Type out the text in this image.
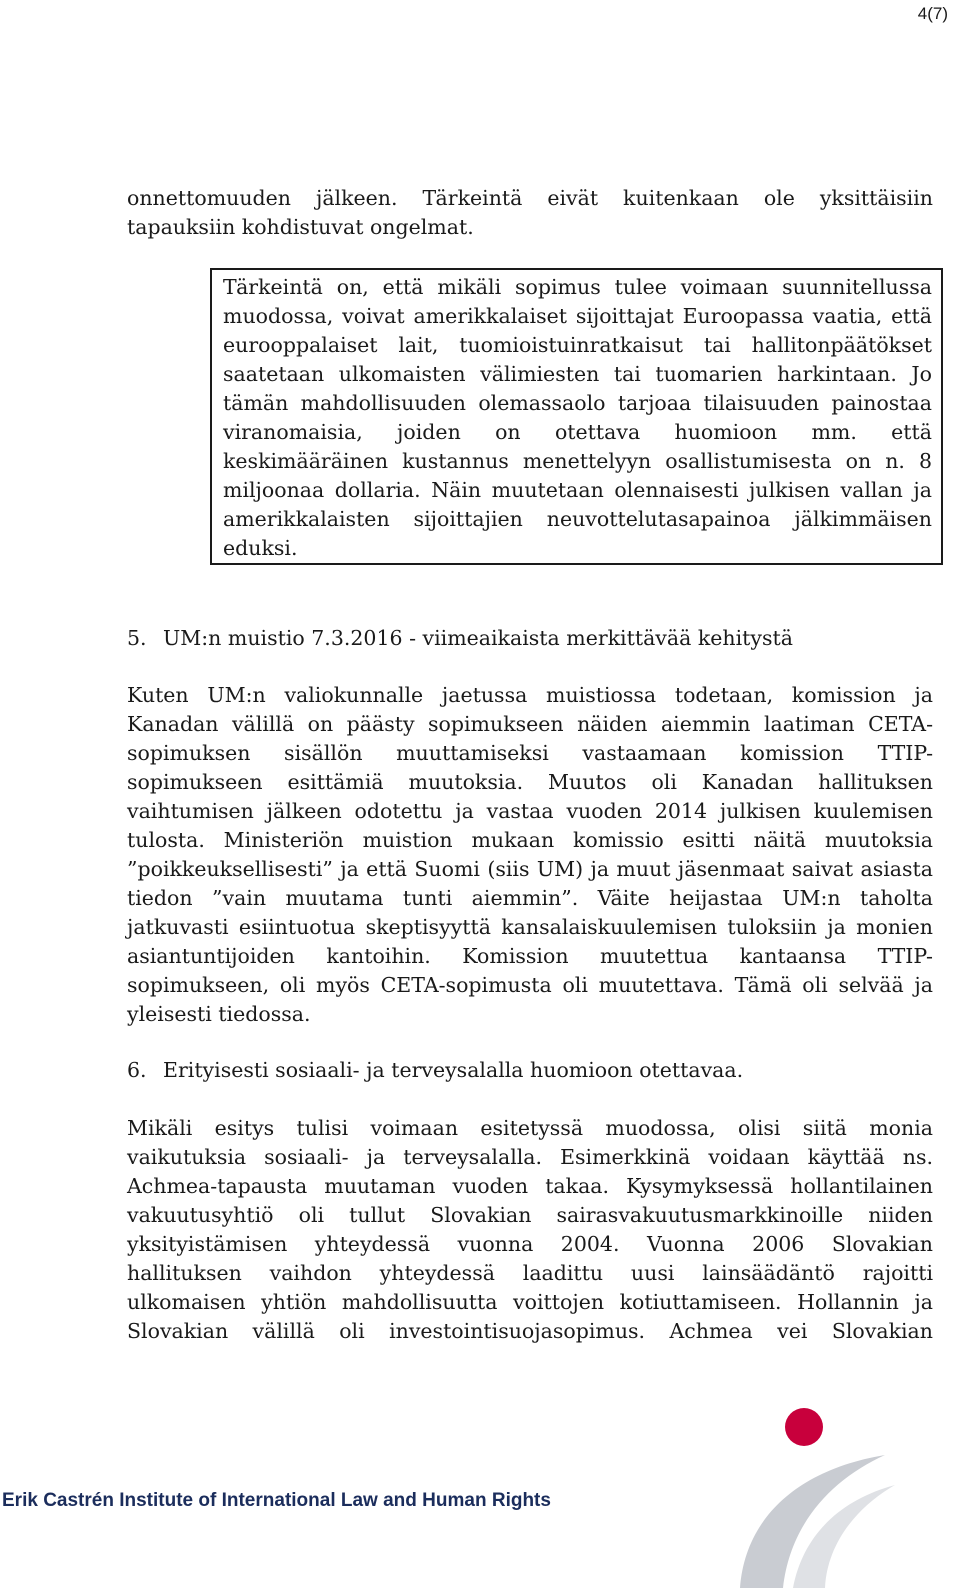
4(7)
onnettomuuden jälkeen. Tärkeintä eivät kuitenkaan ole yksittäisiin
tapauksiin kohdistuvat ongelmat.
Tärkeintä on, että mikäli sopimus tulee voimaan suunnitellussa
muodossa, voivat amerikkalaiset sijoittajat Euroopassa vaatia, että
eurooppalaiset lait, tuomioistuinratkaisut tai hallitonpäätökset
saatetaan ulkomaisten välimiesten tai tuomarien harkintaan. Jo
tämän mahdollisuuden olemassaolo tarjoaa tilaisuuden painostaa
viranomaisia, joiden on otettava huomioon mm. että
keskimääräinen kustannus menettelyyn osallistumisesta on n. 8
miljoonaa dollaria. Näin muutetaan olennaisesti julkisen vallan ja
amerikkalaisten sijoittajien neuvottelutasapainoa jälkimmäisen
eduksi.
5. UM:n muistio 7.3.2016 - viimeaikaista merkittävää kehitystä
Kuten UM:n valiokunnalle jaetussa muistiossa todetaan, komission ja
Kanadan välillä on päästy sopimukseen näiden aiemmin laatiman CETA-
sopimuksen sisällön muuttamiseksi vastaamaan komission TTIP-
sopimukseen esittämiä muutoksia. Muutos oli Kanadan hallituksen
vaihtumisen jälkeen odotettu ja vastaa vuoden 2014 julkisen kuulemisen
tulosta. Ministeriön muistion mukaan komissio esitti näitä muutoksia
”poikkeuksellisesti” ja että Suomi (siis UM) ja muut jäsenmaat saivat asiasta
tiedon ”vain muutama tunti aiemmin”. Väite heijastaa UM:n taholta
jatkuvasti esiintuotua skeptisyyttä kansalaiskuulemisen tuloksiin ja monien
asiantuntijoiden kantoihin. Komission muutettua kantaansa TTIP-
sopimukseen, oli myös CETA-sopimusta oli muutettava. Tämä oli selvää ja
yleisesti tiedossa.
6. Erityisesti sosiaali- ja terveysalalla huomioon otettavaa.
Mikäli esitys tulisi voimaan esitetyssä muodossa, olisi siitä monia
vaikutuksia sosiaali- ja terveysalalla. Esimerkkinä voidaan käyttää ns.
Achmea-tapausta muutaman vuoden takaa. Kysymyksessä hollantilainen
vakuutusyhtiö oli tullut Slovakian sairasvakuutusmarkkinoille niiden
yksityistämisen yhteydessä vuonna 2004. Vuonna 2006 Slovakian
hallituksen vaihdon yhteydessä laadittu uusi lainsäädäntö rajoitti
ulkomaisen yhtiön mahdollisuutta voittojen kotiuttamiseen. Hollannin ja
Slovakian välillä oli investointisuojasopimus. Achmea vei Slovakian
Erik Castrén Institute of International Law and Human Rights
